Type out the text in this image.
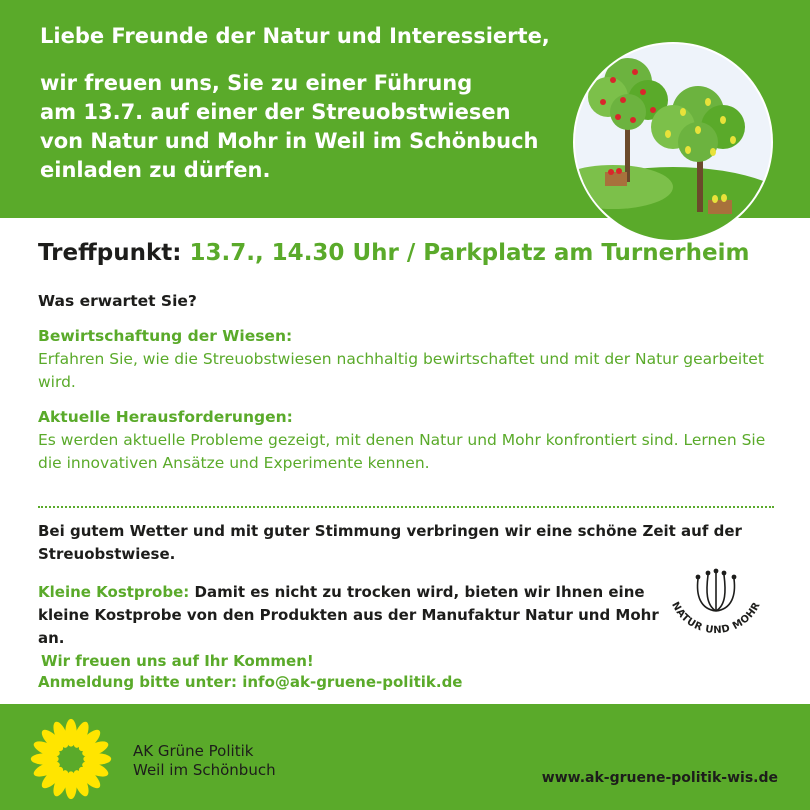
Liebe Freunde der Natur und Interessierte,
wir freuen uns, Sie zu einer Führung
am 13.7. auf einer der Streuobstwiesen
von Natur und Mohr in Weil im Schönbuch
einladen zu dürfen.
Treffpunkt: 13.7., 14.30 Uhr / Parkplatz am Turnerheim
Was erwartet Sie?
Bewirtschaftung der Wiesen:
Erfahren Sie, wie die Streuobstwiesen nachhaltig bewirtschaftet und mit der Natur gearbeitet wird.
Aktuelle Herausforderungen:
Es werden aktuelle Probleme gezeigt, mit denen Natur und Mohr konfrontiert sind. Lernen Sie die innovativen Ansätze und Experimente kennen.
Bei gutem Wetter und mit guter Stimmung verbringen wir eine schöne Zeit auf der Streuobstwiese.
Kleine Kostprobe: Damit es nicht zu trocken wird, bieten wir Ihnen eine kleine Kostprobe von den Produkten aus der Manufaktur Natur und Mohr an.
Wir freuen uns auf Ihr Kommen!
Anmeldung bitte unter: info@ak-gruene-politik.de
NATUR UND MOHR
AK Grüne Politik
Weil im Schönbuch	www.ak-gruene-politik-wis.de
